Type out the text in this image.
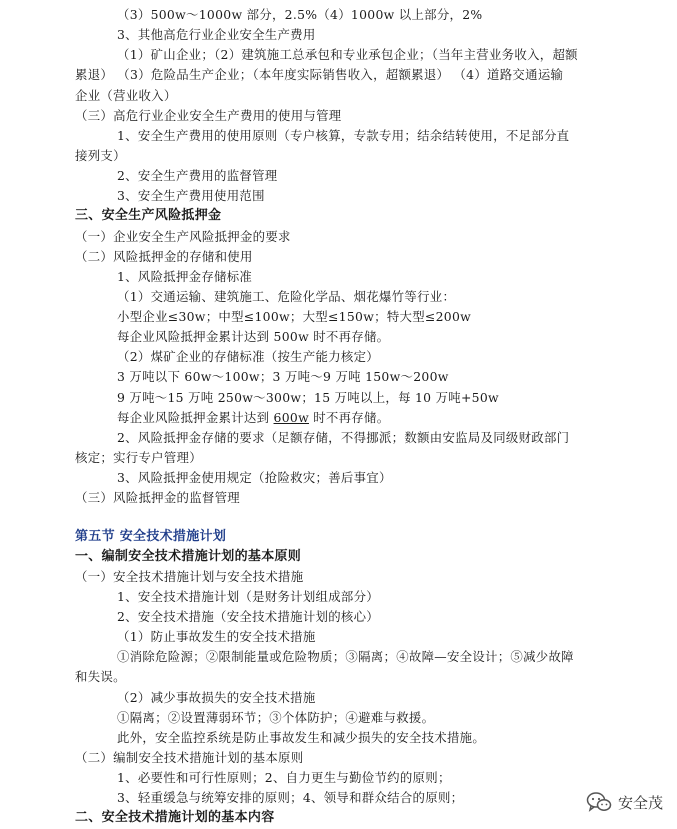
（3）500w～1000w 部分，2.5%（4）1000w 以上部分，2%
3、其他高危行业企业安全生产费用
（1）矿山企业；（2）建筑施工总承包和专业承包企业；（当年主营业务收入，超额
累退） （3）危险品生产企业；（本年度实际销售收入，超额累退） （4）道路交通运输
企业（营业收入）
（三）高危行业企业安全生产费用的使用与管理
1、安全生产费用的使用原则（专户核算，专款专用；结余结转使用，不足部分直
接列支）
2、安全生产费用的监督管理
3、安全生产费用使用范围
三、安全生产风险抵押金
（一）企业安全生产风险抵押金的要求
（二）风险抵押金的存储和使用
1、风险抵押金存储标准
（1）交通运输、建筑施工、危险化学品、烟花爆竹等行业：
小型企业≤30w；中型≤100w；大型≤150w；特大型≤200w
每企业风险抵押金累计达到 500w 时不再存储。
（2）煤矿企业的存储标准（按生产能力核定）
3 万吨以下 60w～100w；3 万吨～9 万吨 150w～200w
9 万吨～15 万吨 250w～300w；15 万吨以上，每 10 万吨+50w
每企业风险抵押金累计达到 600w 时不再存储。
2、风险抵押金存储的要求（足额存储，不得挪派；数额由安监局及同级财政部门
核定；实行专户管理）
3、风险抵押金使用规定（抢险救灾；善后事宜）
（三）风险抵押金的监督管理
第五节 安全技术措施计划
一、编制安全技术措施计划的基本原则
（一）安全技术措施计划与安全技术措施
1、安全技术措施计划（是财务计划组成部分）
2、安全技术措施（安全技术措施计划的核心）
（1）防止事故发生的安全技术措施
①消除危险源；②限制能量或危险物质；③隔离；④故障—安全设计；⑤减少故障
和失误。
（2）减少事故损失的安全技术措施
①隔离；②设置薄弱环节；③个体防护；④避难与救援。
此外，安全监控系统是防止事故发生和减少损失的安全技术措施。
（二）编制安全技术措施计划的基本原则
1、必要性和可行性原则；2、自力更生与勤俭节约的原则；
3、轻重缓急与统筹安排的原则；4、领导和群众结合的原则；
二、安全技术措施计划的基本内容
安全茂
